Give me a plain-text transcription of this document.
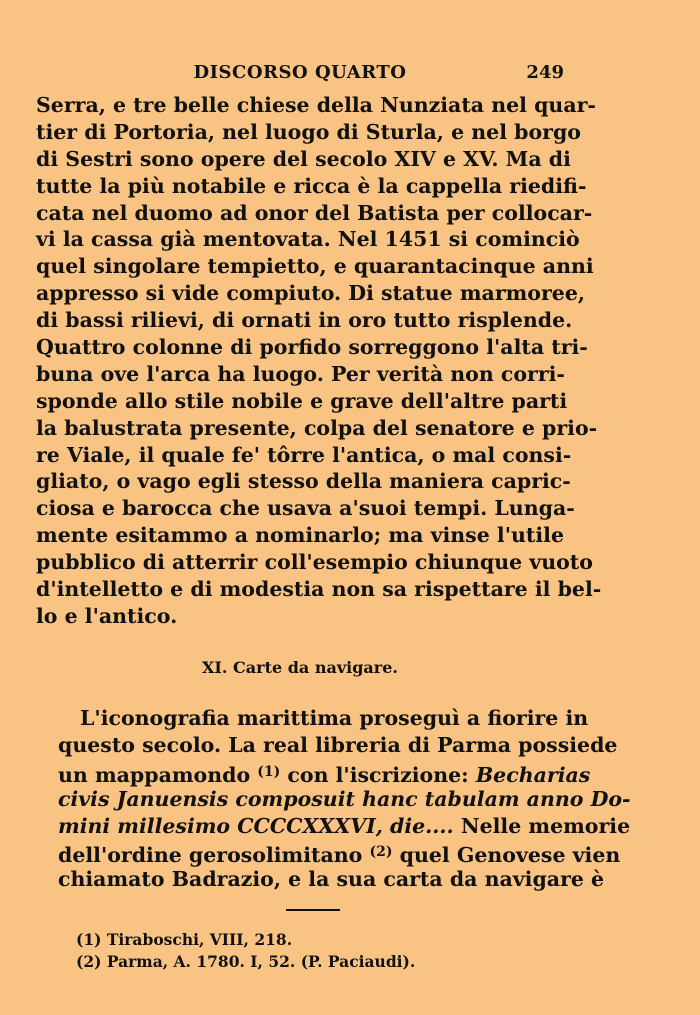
DISCORSO QUARTO	249
Serra, e tre belle chiese della Nunziata nel quar-
tier di Portoria, nel luogo di Sturla, e nel borgo
di Sestri sono opere del secolo XIV e XV. Ma di
tutte la più notabile e ricca è la cappella riedifi-
cata nel duomo ad onor del Batista per collocar-
vi la cassa già mentovata. Nel 1451 si cominciò
quel singolare tempietto, e quarantacinque anni
appresso si vide compiuto. Di statue marmoree,
di bassi rilievi, di ornati in oro tutto risplende.
Quattro colonne di porfido sorreggono l'alta tri-
buna ove l'arca ha luogo. Per verità non corri-
sponde allo stile nobile e grave dell'altre parti
la balustrata presente, colpa del senatore e prio-
re Viale, il quale fe' tôrre l'antica, o mal consi-
gliato, o vago egli stesso della maniera capric-
ciosa e barocca che usava a'suoi tempi. Lunga-
mente esitammo a nominarlo; ma vinse l'utile
pubblico di atterrir coll'esempio chiunque vuoto
d'intelletto e di modestia non sa rispettare il bel-
lo e l'antico.
XI. Carte da navigare.
L'iconografia marittima proseguì a fiorire in
questo secolo. La real libreria di Parma possiede
un mappamondo $^{(1)}$ con l'iscrizione: Becharias
civis Januensis composuit hanc tabulam anno Do-
mini millesimo CCCCXXXVI, die.... Nelle memorie
dell'ordine gerosolimitano $^{(2)}$ quel Genovese vien
chiamato Badrazio, e la sua carta da navigare è
(1) Tiraboschi, VIII, 218.
(2) Parma, A. 1780. I, 52. (P. Paciaudi).
